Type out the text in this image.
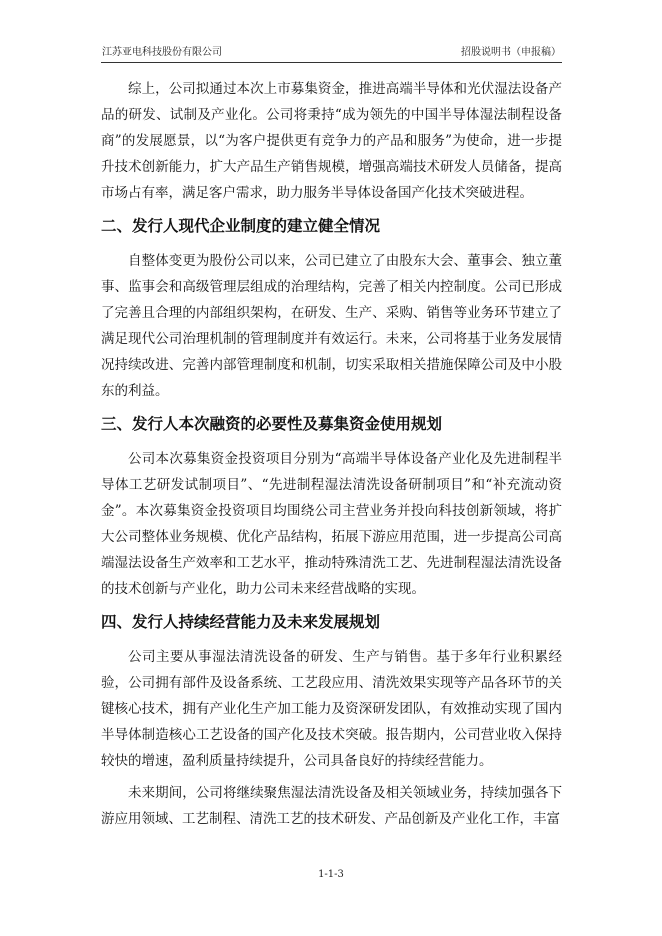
江苏亚电科技股份有限公司	招股说明书（申报稿）

综上，公司拟通过本次上市募集资金，推进高端半导体和光伏湿法设备产品的研发、试制及产业化。公司将秉持“成为领先的中国半导体湿法制程设备商”的发展愿景，以“为客户提供更有竞争力的产品和服务”为使命，进一步提升技术创新能力，扩大产品生产销售规模，增强高端技术研发人员储备，提高市场占有率，满足客户需求，助力服务半导体设备国产化技术突破进程。

二、发行人现代企业制度的建立健全情况

自整体变更为股份公司以来，公司已建立了由股东大会、董事会、独立董事、监事会和高级管理层组成的治理结构，完善了相关内控制度。公司已形成了完善且合理的内部组织架构，在研发、生产、采购、销售等业务环节建立了满足现代公司治理机制的管理制度并有效运行。未来，公司将基于业务发展情况持续改进、完善内部管理制度和机制，切实采取相关措施保障公司及中小股东的利益。

三、发行人本次融资的必要性及募集资金使用规划

公司本次募集资金投资项目分别为“高端半导体设备产业化及先进制程半导体工艺研发试制项目”、“先进制程湿法清洗设备研制项目”和“补充流动资金”。本次募集资金投资项目均围绕公司主营业务并投向科技创新领域，将扩大公司整体业务规模、优化产品结构，拓展下游应用范围，进一步提高公司高端湿法设备生产效率和工艺水平，推动特殊清洗工艺、先进制程湿法清洗设备的技术创新与产业化，助力公司未来经营战略的实现。

四、发行人持续经营能力及未来发展规划

公司主要从事湿法清洗设备的研发、生产与销售。基于多年行业积累经验，公司拥有部件及设备系统、工艺段应用、清洗效果实现等产品各环节的关键核心技术，拥有产业化生产加工能力及资深研发团队，有效推动实现了国内半导体制造核心工艺设备的国产化及技术突破。报告期内，公司营业收入保持较快的增速，盈利质量持续提升，公司具备良好的持续经营能力。

未来期间，公司将继续聚焦湿法清洗设备及相关领域业务，持续加强各下游应用领域、工艺制程、清洗工艺的技术研发、产品创新及产业化工作，丰富

1-1-3
